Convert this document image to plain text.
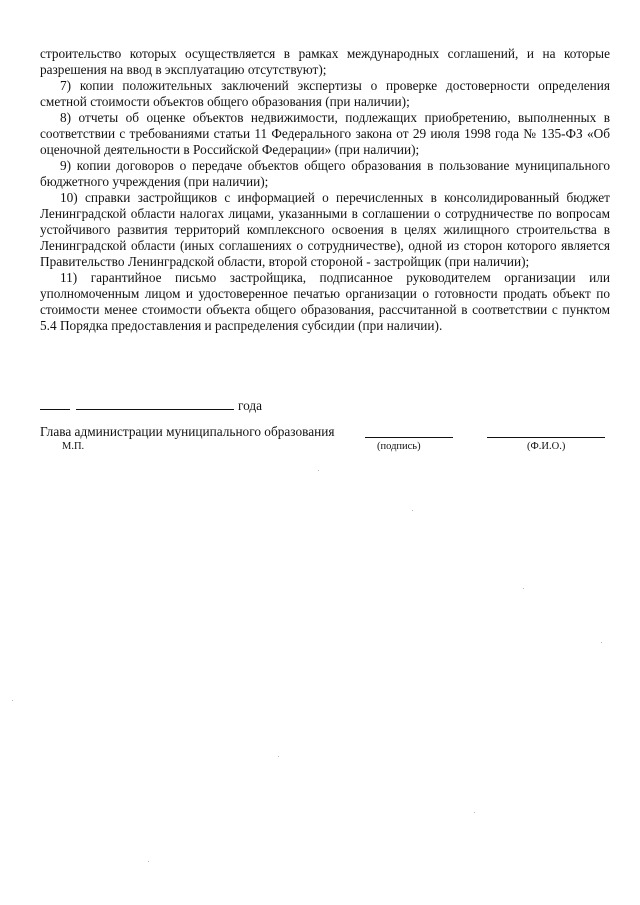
строительство которых осуществляется в рамках международных соглашений, и на которые разрешения на ввод в эксплуатацию отсутствуют);

7) копии положительных заключений экспертизы о проверке достоверности определения сметной стоимости объектов общего образования (при наличии);

8) отчеты об оценке объектов недвижимости, подлежащих приобретению, выполненных в соответствии с требованиями статьи 11 Федерального закона от 29 июля 1998 года № 135-ФЗ «Об оценочной деятельности в Российской Федерации» (при наличии);

9) копии договоров о передаче объектов общего образования в пользование муниципального бюджетного учреждения (при наличии);

10) справки застройщиков с информацией о перечисленных в консолидированный бюджет Ленинградской области налогах лицами, указанными в соглашении о сотрудничестве по вопросам устойчивого развития территорий комплексного освоения в целях жилищного строительства в Ленинградской области (иных соглашениях о сотрудничестве), одной из сторон которого является Правительство Ленинградской области, второй стороной - застройщик (при наличии);

11) гарантийное письмо застройщика, подписанное руководителем организации или уполномоченным лицом и удостоверенное печатью организации о готовности продать объект по стоимости менее стоимости объекта общего образования, рассчитанной в соответствии с пунктом 5.4 Порядка предоставления и распределения субсидии (при наличии).

года
Глава администрации муниципального образования
М.П.	(подпись)	(Ф.И.О.)
